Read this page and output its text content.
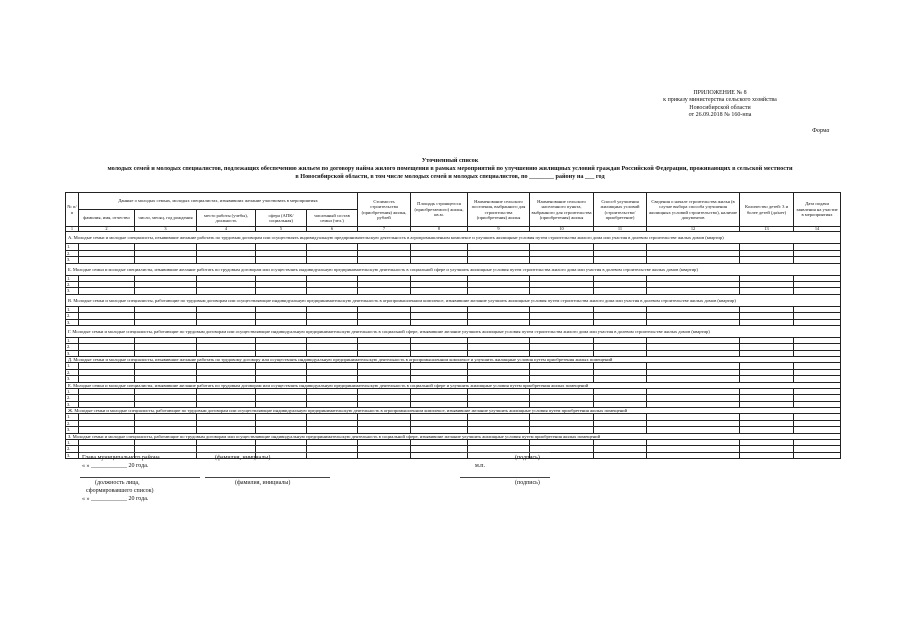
ПРИЛОЖЕНИЕ № 8
к приказу министерства сельского хозяйства
Новосибирской области
от 26.09.2018 № 160-нпа
Форма
Уточненный список
молодых семей и молодых специалистов, подлежащих обеспечению жильем по договору найма жилого помещения в рамках мероприятий по улучшению жилищных условий граждан Российской Федерации, проживающих в сельской местности
в Новосибирской области, в том числе молодых семей и молодых специалистов, по ________ району на ___ год
№ п/п	Данные о молодых семьях, молодых специалистах, изъявивших желание участвовать в мероприятиях					Стоимость строительства (приобретения) жилья, рублей	Площадь строящегося (приобретаемого) жилья, кв.м.	Наименование сельского поселения, выбранного для строительства (приобретения) жилья	Наименование сельского населенного пункта, выбранного для строительства (приобретения) жилья	Способ улучшения жилищных условий (строительство/приобретение)	Сведения о начале строительства жилья (в случае выбора способа улучшения жилищных условий строительство), наличие документов	Количество детей: 3 и более детей (да/нет)	Дата подачи заявления на участие в мероприятиях
	фамилия, имя, отчество	число, месяц, год рождения	место работы (учебы), должность	сфера (АПК/социальная)	численный состав семьи (чел.)								
1	2	3	4	5	6	7	8	9	10	11	12	13	14
А. Молодые семьи и молодые специалисты, изъявившие желание работать по трудовым договорам или осуществлять индивидуальную предпринимательскую деятельность в агропромышленном комплексе и улучшить жилищные условия путем строительства жилого дома или участия в долевом строительстве жилых домов (квартир)													
1.													
2.													
3.													
Б. Молодые семьи и молодые специалисты, изъявившие желание работать по трудовым договорам или осуществлять индивидуальную предпринимательскую деятельность в социальной сфере и улучшить жилищные условия путем строительства жилого дома или участия в долевом строительстве жилых домов (квартир)													
1.													
2.													
3.													
В. Молодые семьи и молодые специалисты, работающие по трудовым договорам или осуществляющие индивидуальную предпринимательскую деятельность в агропромышленном комплексе, изъявившие желание улучшить жилищные условия путем строительства жилого дома или участия в долевом строительстве жилых домов (квартир)													
1.													
2.													
3.													
Г. Молодые семьи и молодые специалисты, работающие по трудовым договорам или осуществляющие индивидуальную предпринимательскую деятельность в социальной сфере, изъявившие желание улучшить жилищные условия путем строительства жилого дома или участия в долевом строительстве жилых домов (квартир)													
1.													
2.													
3.													
Д. Молодые семьи и молодые специалисты, изъявившие желание работать по трудовому договору или осуществлять индивидуальную предпринимательскую деятельность в агропромышленном комплексе и улучшить жилищные условия путем приобретения жилых помещений													
1.													
2.													
3.													
Е. Молодые семьи и молодые специалисты, изъявившие желание работать по трудовым договорам или осуществлять индивидуальную предпринимательскую деятельность в социальной сфере и улучшить жилищные условия путем приобретения жилых помещений													
1.													
2.													
3.													
Ж. Молодые семьи и молодые специалисты, работающие по трудовым договорам или осуществляющие индивидуальную предпринимательскую деятельность в агропромышленном комплексе, изъявившие желание улучшить жилищные условия путем приобретения жилых помещений													
1.													
2.													
3.													
З. Молодые семьи и молодые специалисты, работающие по трудовым договорам или осуществляющие индивидуальную предпринимательскую деятельность в социальной сфере, изъявившие желание улучшить жилищные условия путем приобретения жилых помещений													
1.													
2.													
3.													Глава муниципального района	(фамилия, инициалы)	(подпись)
« » ____________ 20 года.	м.п.
(должность лица,	(фамилия, инициалы)	(подпись)
сформировавшего список)
« » ____________ 20 года.
